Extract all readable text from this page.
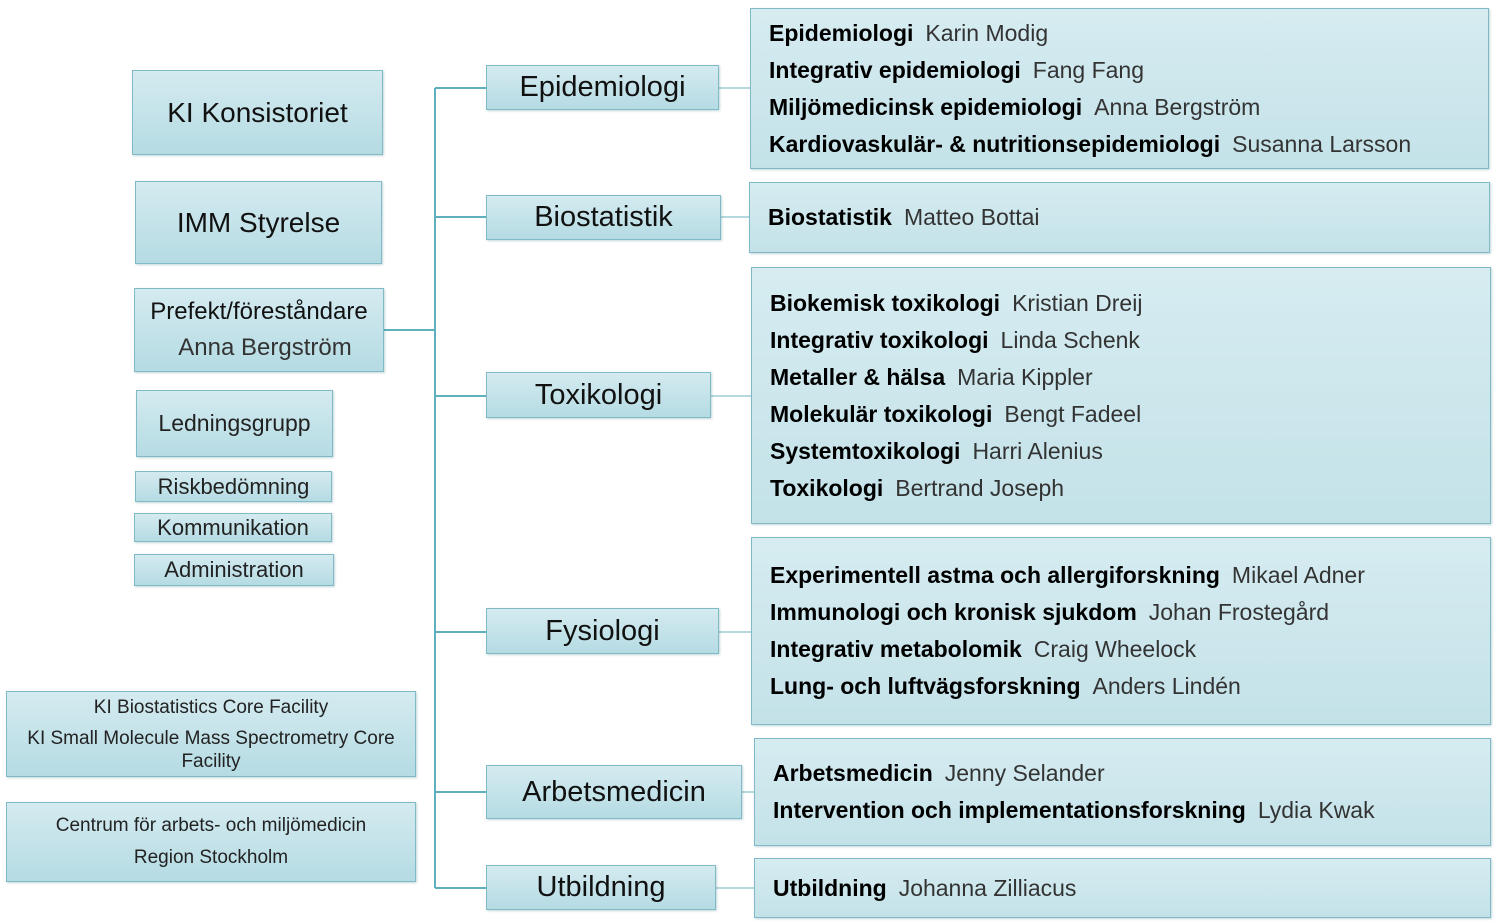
KI Konsistoriet
IMM Styrelse
Prefekt/föreståndare
Anna Bergström
Ledningsgrupp
Riskbedömning
Kommunikation
Administration
KI Biostatistics Core Facility
KI Small Molecule Mass Spectrometry Core Facility
Centrum för arbets- och miljömedicin
Region Stockholm
Epidemiologi
Biostatistik
Toxikologi
Fysiologi
Arbetsmedicin
Utbildning
Epidemiologi Karin Modig
Integrativ epidemiologi Fang Fang
Miljömedicinsk epidemiologi Anna Bergström
Kardiovaskulär- & nutritionsepidemiologi Susanna Larsson
Biostatistik Matteo Bottai
Biokemisk toxikologi Kristian Dreij
Integrativ toxikologi Linda Schenk
Metaller & hälsa Maria Kippler
Molekulär toxikologi Bengt Fadeel
Systemtoxikologi Harri Alenius
Toxikologi Bertrand Joseph
Experimentell astma och allergiforskning Mikael Adner
Immunologi och kronisk sjukdom Johan Frostegård
Integrativ metabolomik Craig Wheelock
Lung- och luftvägsforskning Anders Lindén
Arbetsmedicin Jenny Selander
Intervention och implementationsforskning Lydia Kwak
Utbildning Johanna Zilliacus
